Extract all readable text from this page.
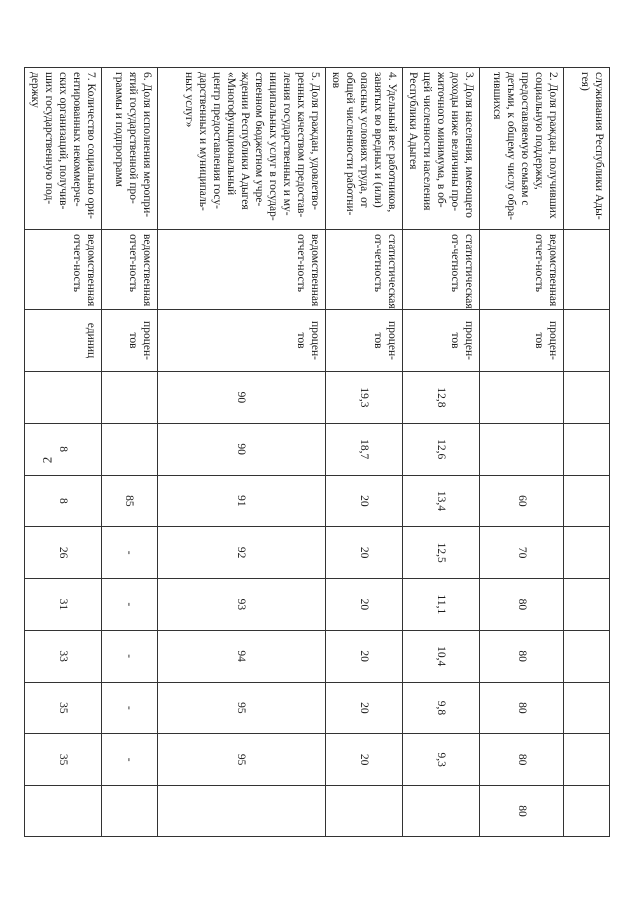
2
служивания Республики Ады-гея)											
2. Доля граждан, получивших социальную поддержку, предоставляемую семьям с детьми, к общему числу обра-тившихся	ведомственная отчет-ность	процен-тов			60	70	80	80	80	80	80
3. Доля населения, имеющего доходы ниже величины про-житочного минимума, в об-щей численности населения Республики Адыгея	статистическая от-четность	процен-тов	12,8	12,6	13,4	12,5	11,1	10,4	9,8	9,3	
4. Удельный вес работников, занятых во вредных и (или) опасных условиях труда, от общей численности работни-ков	статистическая от-четность	процен-тов	19,3	18,7	20	20	20	20	20	20	
5. Доля граждан, удовлетво-ренных качеством предостав-ления государственных и му-ниципальных услуг в государ-ственном бюджетном учре-ждении Республики Адыгея «Многофункциональный центр предоставления госу-дарственных и муниципаль-ных услуг»	ведомственная отчет-ность	процен-тов	90	90	91	92	93	94	95	95	
6. Доля исполнения меропри-ятий государственной про-граммы и подпрограмм	ведомственная отчет-ность	процен-тов			85	-	-	-	-	-	
7. Количество социально ори-ентированных некоммерче-ских организаций, получив-ших государственную под-держку	ведомственная отчет-ность	единиц		8	8	26	31	33	35	35	
